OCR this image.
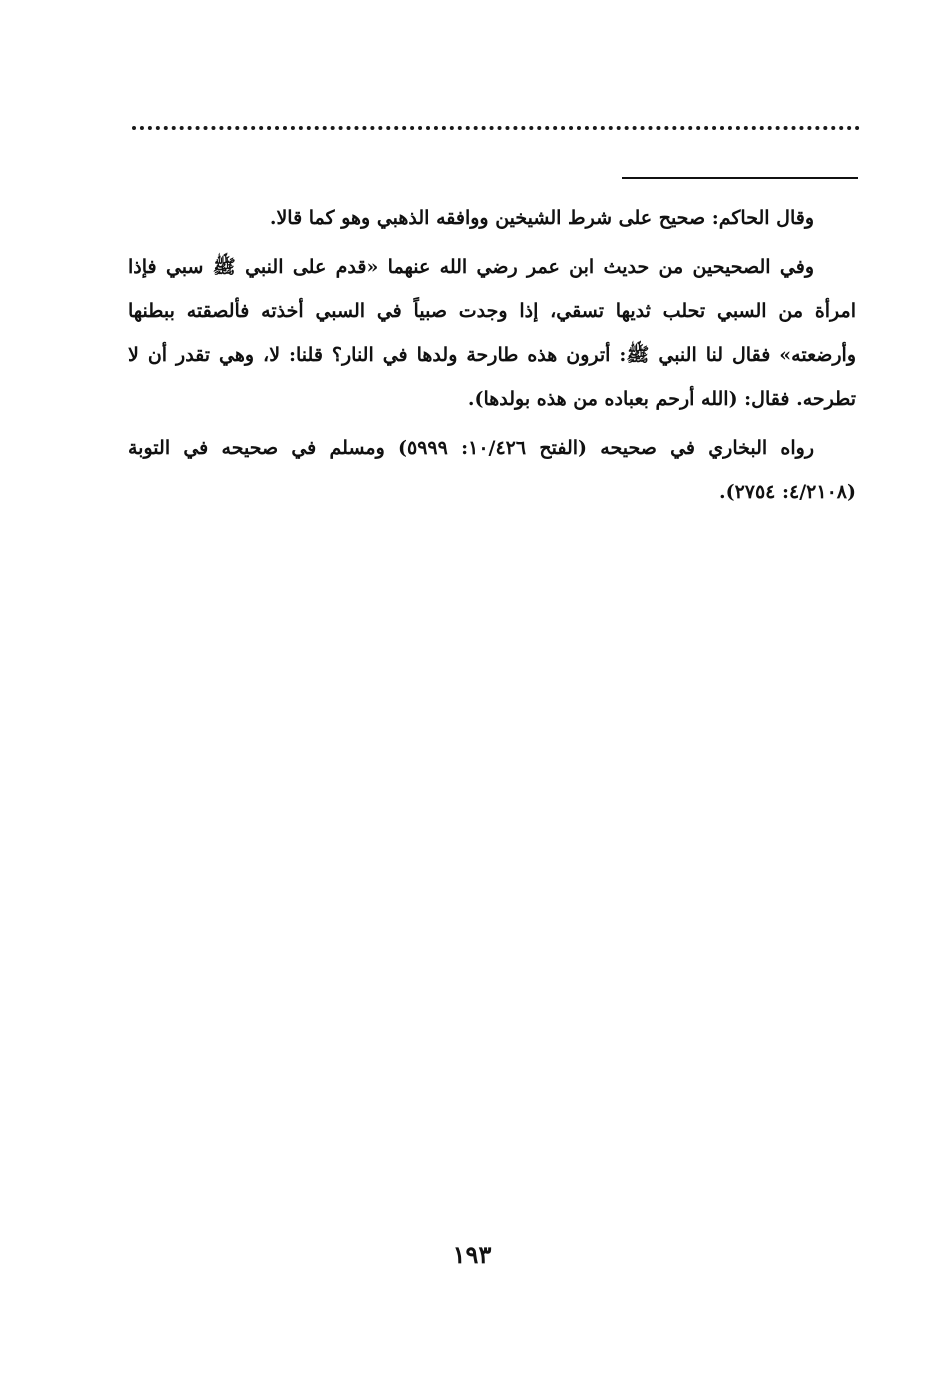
وقال الحاكم: صحيح على شرط الشيخين ووافقه الذهبي وهو كما قالا.

وفي الصحيحين من حديث ابن عمر رضي الله عنهما «قدم على النبي ﷺ سبي فإذا امرأة من السبي تحلب ثديها تسقي، إذا وجدت صبياً في السبي أخذته فألصقته ببطنها وأرضعته» فقال لنا النبي ﷺ: أترون هذه طارحة ولدها في النار؟ قلنا: لا، وهي تقدر أن لا تطرحه. فقال: (الله أرحم بعباده من هذه بولدها).

رواه البخاري في صحيحه (الفتح ١٠/٤٢٦: ٥٩٩٩) ومسلم في صحيحه في التوبة (٤/٢١٠٨: ٢٧٥٤).

١٩٣
